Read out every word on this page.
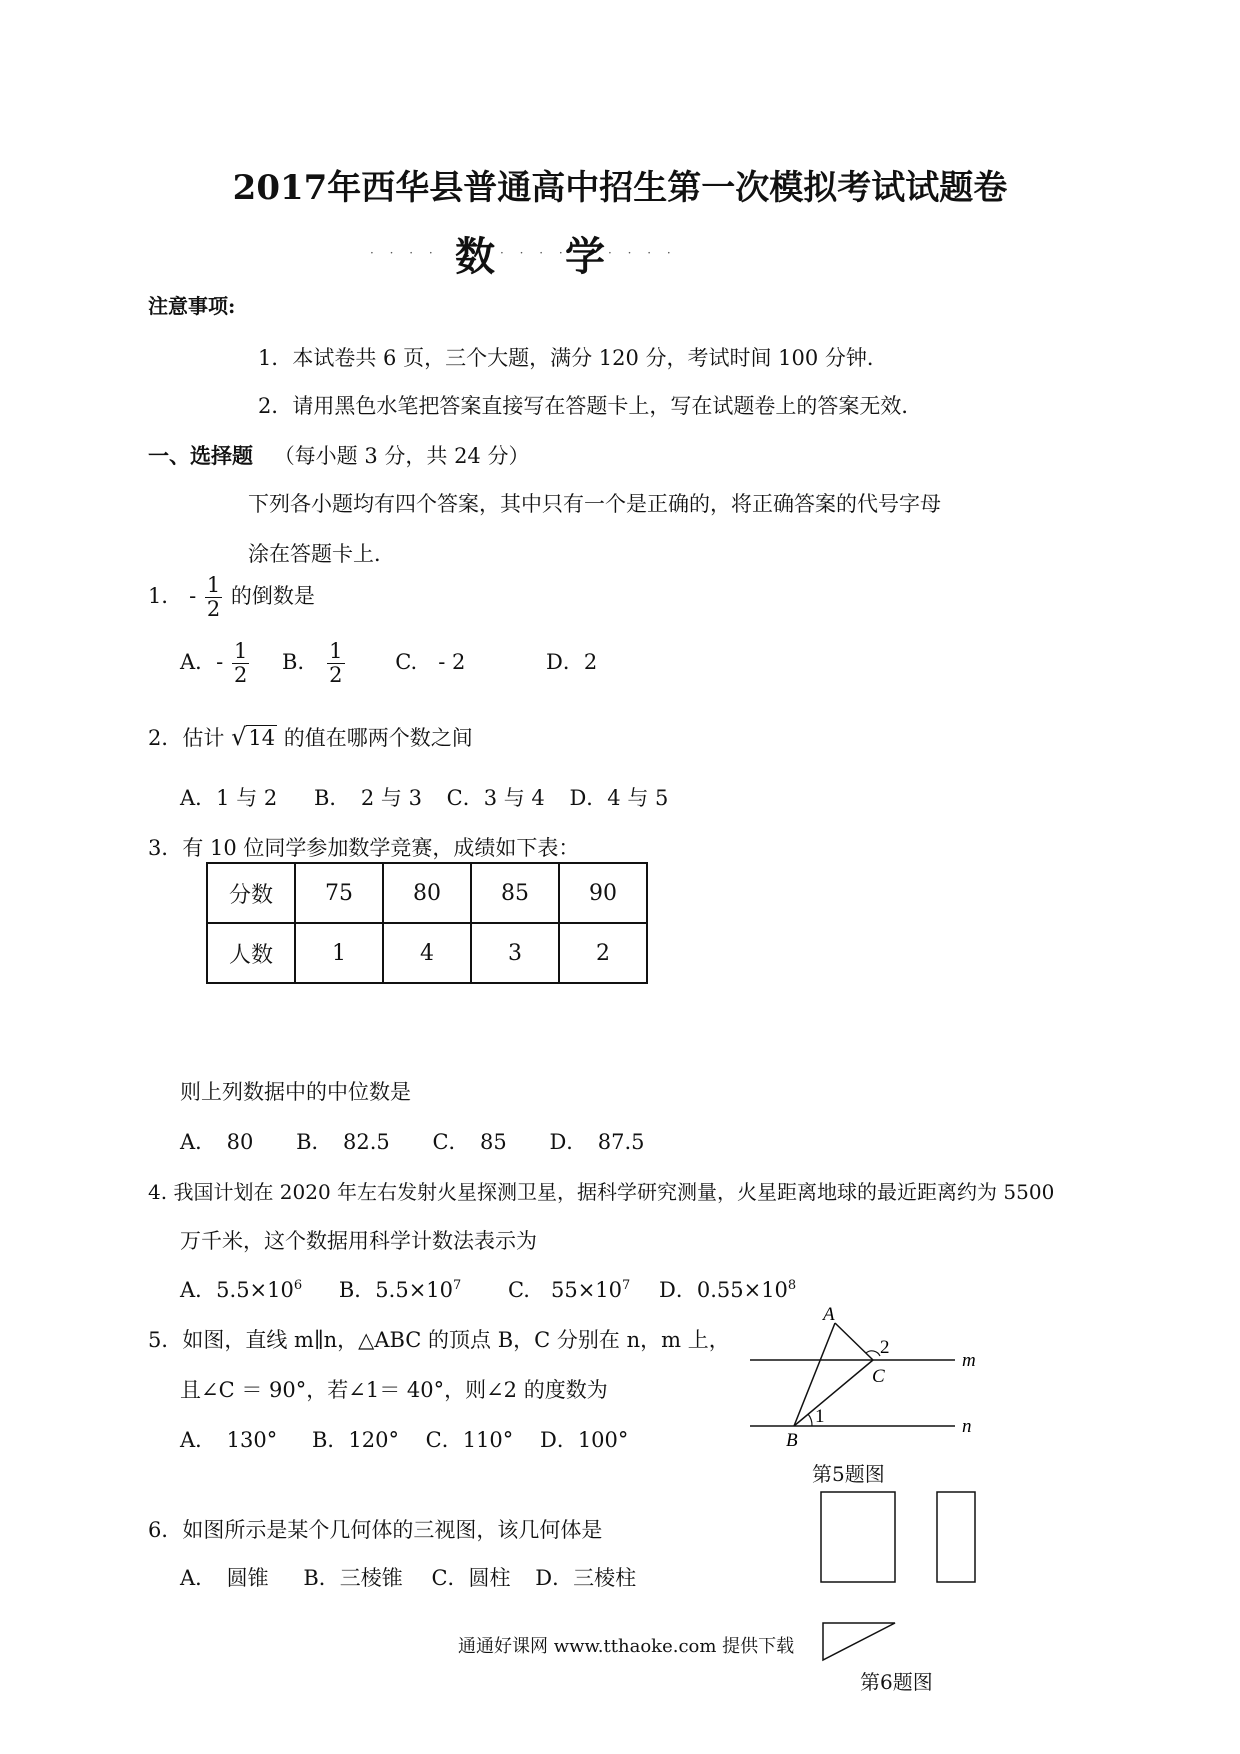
2017年西华县普通高中招生第一次模拟考试试题卷
数 学
· · · ·	· · · ·	· · · ·
注意事项:
1．本试卷共 6 页，三个大题，满分 120 分，考试时间 100 分钟．
2．请用黑色水笔把答案直接写在答题卡上，写在试题卷上的答案无效．
一、选择题 （每小题 3 分，共 24 分）
下列各小题均有四个答案，其中只有一个是正确的，将正确答案的代号字母
涂在答题卡上．
1． - $\frac{1}{2}$ 的倒数是
A．- $\frac{1}{2}$ B． $\frac{1}{2} C$.　- 2	D．2
2．估计 √14 的值在哪两个数之间
A．1 与 2 B．　2 与 3 C．3 与 4 D．4 与 5
3．有 10 位同学参加数学竞赛，成绩如下表：
分数	75	80	85	90
人数	1	4	3	2
则上列数据中的中位数是
A．　80 B．　82.5 C．　85 D．　87.5
4. 我国计划在 2020 年左右发射火星探测卫星，据科学研究测量，火星距离地球的最近距离约为 5500
万千米，这个数据用科学计数法表示为
A．$5.5\times 10^6$ B．$5.5\times 10^7$ C.　$55\times 10^7$ D．$0.55\times 10^8$
5．如图，直线 m∥n，△ABC 的顶点 B，C 分别在 n，m 上，
且∠C ＝ 90°，若∠1＝ 40°，则∠2 的度数为
A．　130° B．120° C．110° D．100°
A
2
m
C
1	n
B
第5题图
6．如图所示是某个几何体的三视图，该几何体是
A．　圆锥 B．三棱锥 C．圆柱 D．三棱柱
第6题图
通通好课网 www.tthaoke.com 提供下载
